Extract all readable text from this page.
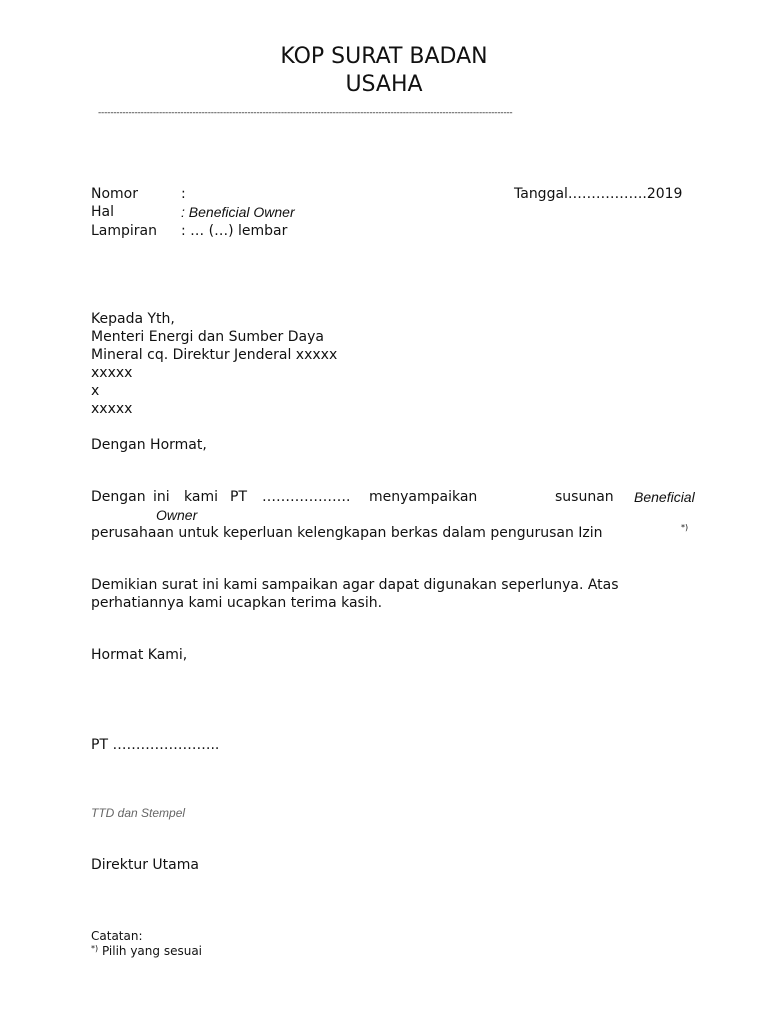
KOP SURAT BADAN
USAHA
----------------------------------------------------------------------------------------------------------------------------------------
Nomor	:	Tanggal……………..2019
Hal	: Beneficial Owner
Lampiran : … (…) lembar
Kepada Yth,
Menteri Energi dan Sumber Daya
Mineral cq. Direktur Jenderal xxxxx
xxxxx
x
xxxxx
Dengan Hormat,
Dengan ini kami PT ………………. menyampaikan	susunan Beneficial
Owner
perusahaan untuk keperluan kelengkapan berkas dalam pengurusan Izin	*)
Demikian surat ini kami sampaikan agar dapat digunakan seperlunya. Atas
perhatiannya kami ucapkan terima kasih.
Hormat Kami,
PT …………………..
TTD dan Stempel
Direktur Utama
Catatan:
*) Pilih yang sesuai
